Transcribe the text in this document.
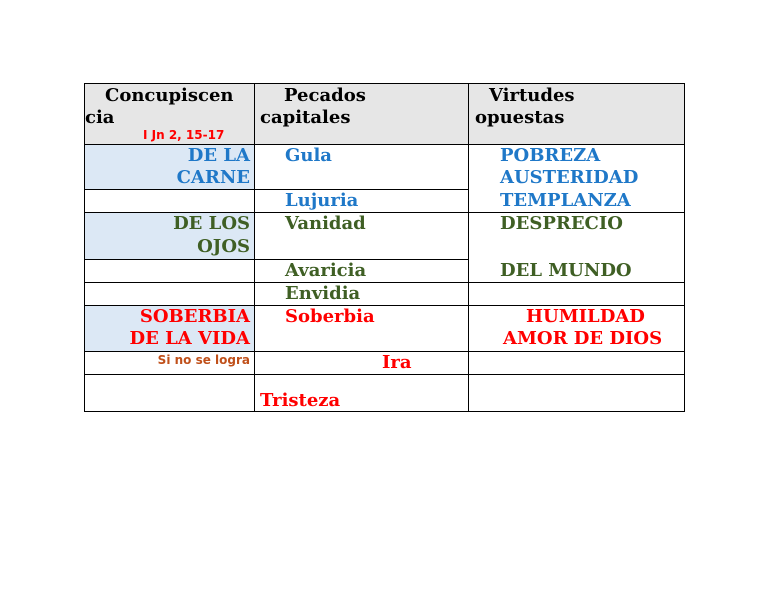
Concupiscen
cia
I Jn 2, 15-17
Pecados
capitales
Virtudes
opuestas
DE LA
CARNE
DE LOS
OJOS
SOBERBIA
DE LA VIDA
Si no se logra
Gula
Lujuria
Vanidad
Avaricia
Envidia
Soberbia
Ira
Tristeza
POBREZA
AUSTERIDAD
TEMPLANZA
DESPRECIO
DEL MUNDO
HUMILDAD
AMOR DE DIOS
